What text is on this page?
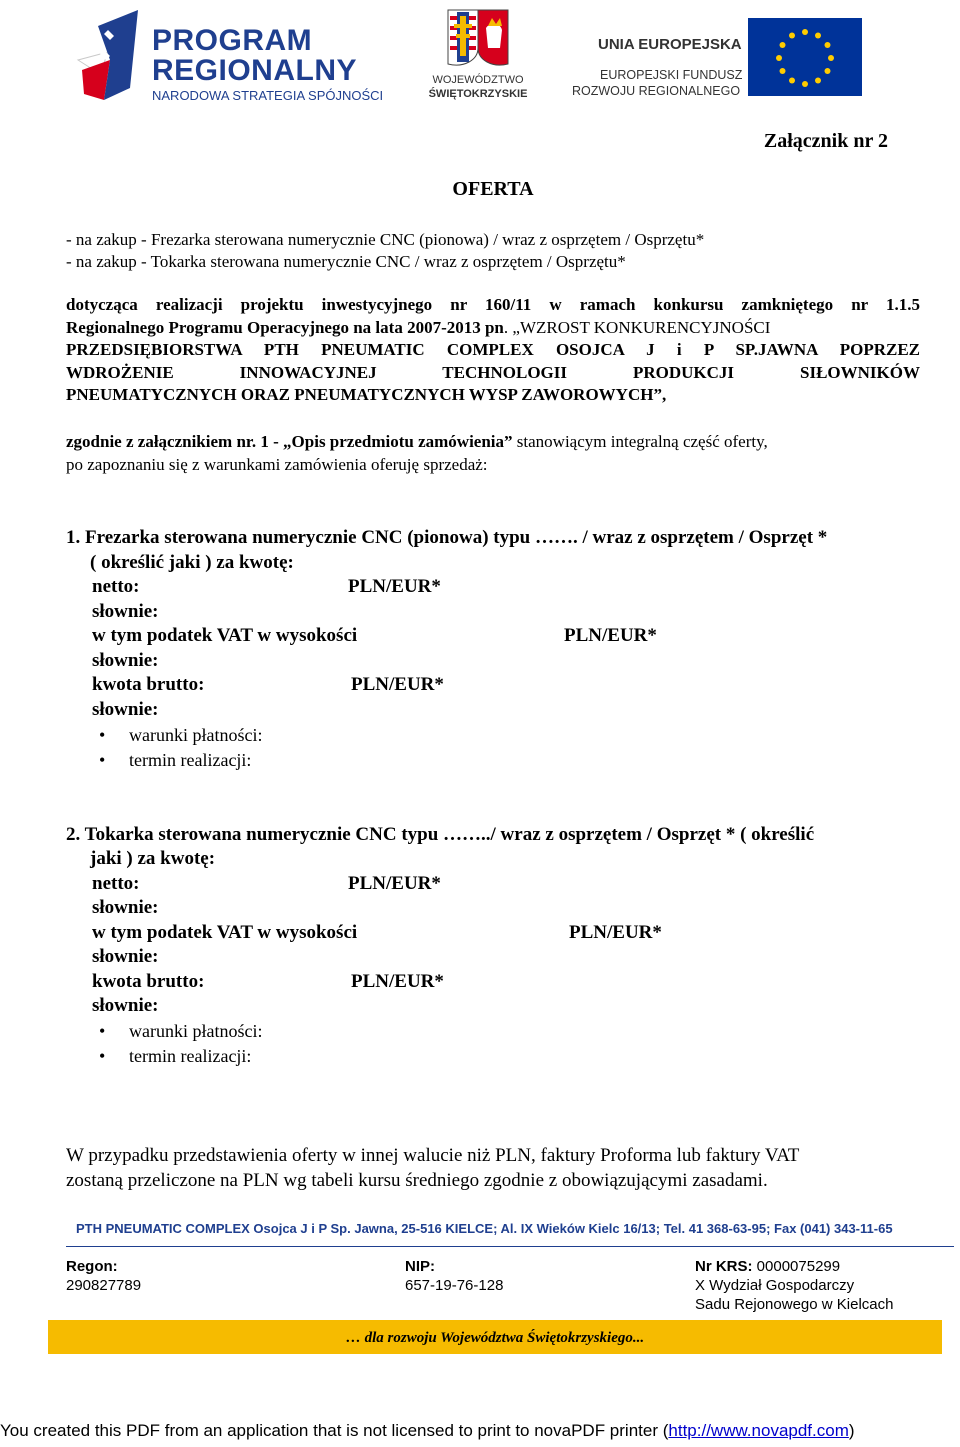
PROGRAM
REGIONALNY
NARODOWA STRATEGIA SPÓJNOŚCI
WOJEWÓDZTWO
ŚWIĘTOKRZYSKIE
UNIA EUROPEJSKA
EUROPEJSKI FUNDUSZ
ROZWOJU REGIONALNEGO
Załącznik nr 2
OFERTA
- na zakup - Frezarka sterowana numerycznie CNC (pionowa) / wraz z osprzętem / Osprzętu*
- na zakup - Tokarka sterowana numerycznie CNC / wraz z osprzętem / Osprzętu*
dotycząca realizacji projektu inwestycyjnego nr 160/11 w ramach konkursu zamkniętego nr 1.1.5
Regionalnego Programu Operacyjnego na lata 2007-2013 pn. „WZROST KONKURENCYJNOŚCI
PRZEDSIĘBIORSTWA PTH PNEUMATIC COMPLEX OSOJCA J i P SP.JAWNA POPRZEZ
WDROŻENIE INNOWACYJNEJ TECHNOLOGII PRODUKCJI SIŁOWNIKÓW
PNEUMATYCZNYCH ORAZ PNEUMATYCZNYCH WYSP ZAWOROWYCH”,
zgodnie z załącznikiem nr. 1 - „Opis przedmiotu zamówienia” stanowiącym integralną część oferty,
po zapoznaniu się z warunkami zamówienia oferuję sprzedaż:
1. Frezarka sterowana numerycznie CNC (pionowa) typu ……. / wraz z osprzętem / Osprzęt *
( określić jaki ) za kwotę:
netto:	PLN/EUR*
słownie:
w tym podatek VAT w wysokości	PLN/EUR*
słownie:
kwota brutto:	PLN/EUR*
słownie:
• warunki płatności:
• termin realizacji:
2. Tokarka sterowana numerycznie CNC typu ……../ wraz z osprzętem / Osprzęt * ( określić
jaki ) za kwotę:
netto:	PLN/EUR*
słownie:
w tym podatek VAT w wysokości	PLN/EUR*
słownie:
kwota brutto:	PLN/EUR*
słownie:
• warunki płatności:
• termin realizacji:
W przypadku przedstawienia oferty w innej walucie niż PLN, faktury Proforma lub faktury VAT
zostaną przeliczone na PLN wg tabeli kursu średniego zgodnie z obowiązującymi zasadami.
PTH PNEUMATIC COMPLEX Osojca J i P Sp. Jawna, 25-516 KIELCE; Al. IX Wieków Kielc 16/13; Tel. 41 368-63-95; Fax (041) 343-11-65
Regon:
290827789
NIP:
657-19-76-128
Nr KRS: 0000075299
X Wydział Gospodarczy
Sadu Rejonowego w Kielcach
… dla rozwoju Województwa Świętokrzyskiego...
You created this PDF from an application that is not licensed to print to novaPDF printer (http://www.novapdf.com)
